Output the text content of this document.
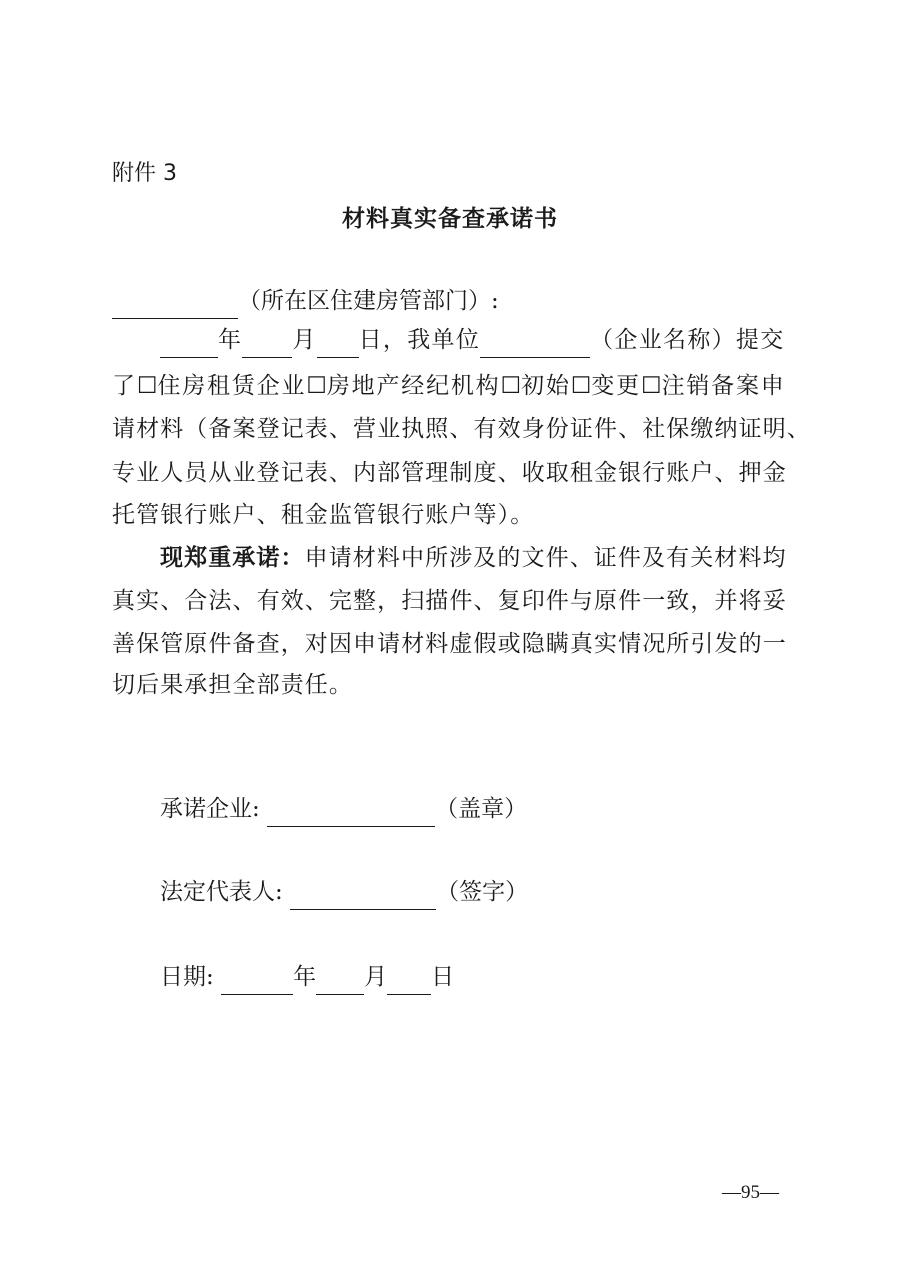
附件 3
材料真实备查承诺书
（所在区住建房管部门）:
年 月 日，我单位	（企业名称）提交
了☐住房租赁企业☐房地产经纪机构☐初始☐变更☐注销备案申
请材料（备案登记表、营业执照、有效身份证件、社保缴纳证明、
专业人员从业登记表、内部管理制度、收取租金银行账户、押金
托管银行账户、租金监管银行账户等）。
现郑重承诺：申请材料中所涉及的文件、证件及有关材料均
真实、合法、有效、完整，扫描件、复印件与原件一致，并将妥
善保管原件备查，对因申请材料虚假或隐瞒真实情况所引发的一
切后果承担全部责任。
承诺企业:	（盖章）
法定代表人:	（签字）
日期:	年 月 日
—95—
